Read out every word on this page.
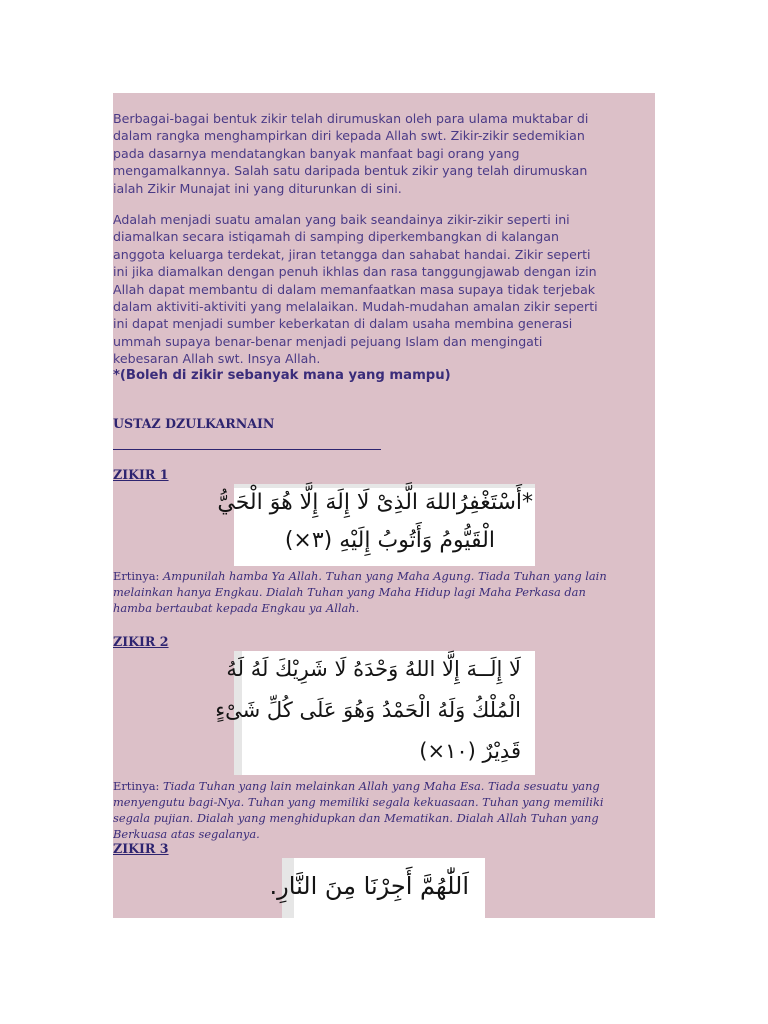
Berbagai-bagai bentuk zikir telah dirumuskan oleh para ulama muktabar di
dalam rangka menghampirkan diri kepada Allah swt. Zikir-zikir sedemikian
pada dasarnya mendatangkan banyak manfaat bagi orang yang
mengamalkannya. Salah satu daripada bentuk zikir yang telah dirumuskan
ialah Zikir Munajat ini yang diturunkan di sini.
Adalah menjadi suatu amalan yang baik seandainya zikir-zikir seperti ini
diamalkan secara istiqamah di samping diperkembangkan di kalangan
anggota keluarga terdekat, jiran tetangga dan sahabat handai. Zikir seperti
ini jika diamalkan dengan penuh ikhlas dan rasa tanggungjawab dengan izin
Allah dapat membantu di dalam memanfaatkan masa supaya tidak terjebak
dalam aktiviti-aktiviti yang melalaikan. Mudah-mudahan amalan zikir seperti
ini dapat menjadi sumber keberkatan di dalam usaha membina generasi
ummah supaya benar-benar menjadi pejuang Islam dan mengingati
kebesaran Allah swt. Insya Allah.
*(Boleh di zikir sebanyak mana yang mampu)
USTAZ DZULKARNAIN
ZIKIR 1
*أَسْتَغْفِرُاللهَ الَّذِىْ لَا إِلَهَ إِلَّا هُوَ الْحَيُّ
الْقَيُّومُ وَأَتُوبُ إِلَيْهِ (٣×)
Ertinya: Ampunilah hamba Ya Allah. Tuhan yang Maha Agung. Tiada Tuhan yang lain
melainkan hanya Engkau. Dialah Tuhan yang Maha Hidup lagi Maha Perkasa dan
hamba bertaubat kepada Engkau ya Allah.
ZIKIR 2
لَا إِلَــهَ إِلَّا اللهُ وَحْدَهُ لَا شَرِيْكَ لَهُ لَهُ
الْمُلْكُ وَلَهُ الْحَمْدُ وَهُوَ عَلَى كُلِّ شَىْءٍ
قَدِيْرٌ (١٠×)
Ertinya: Tiada Tuhan yang lain melainkan Allah yang Maha Esa. Tiada sesuatu yang
menyengutu bagi-Nya. Tuhan yang memiliki segala kekuasaan. Tuhan yang memiliki
segala pujian. Dialah yang menghidupkan dan Mematikan. Dialah Allah Tuhan yang
Berkuasa atas segalanya.
ZIKIR 3
اَللّٰهُمَّ أَجِرْنَا مِنَ النَّارِ.
